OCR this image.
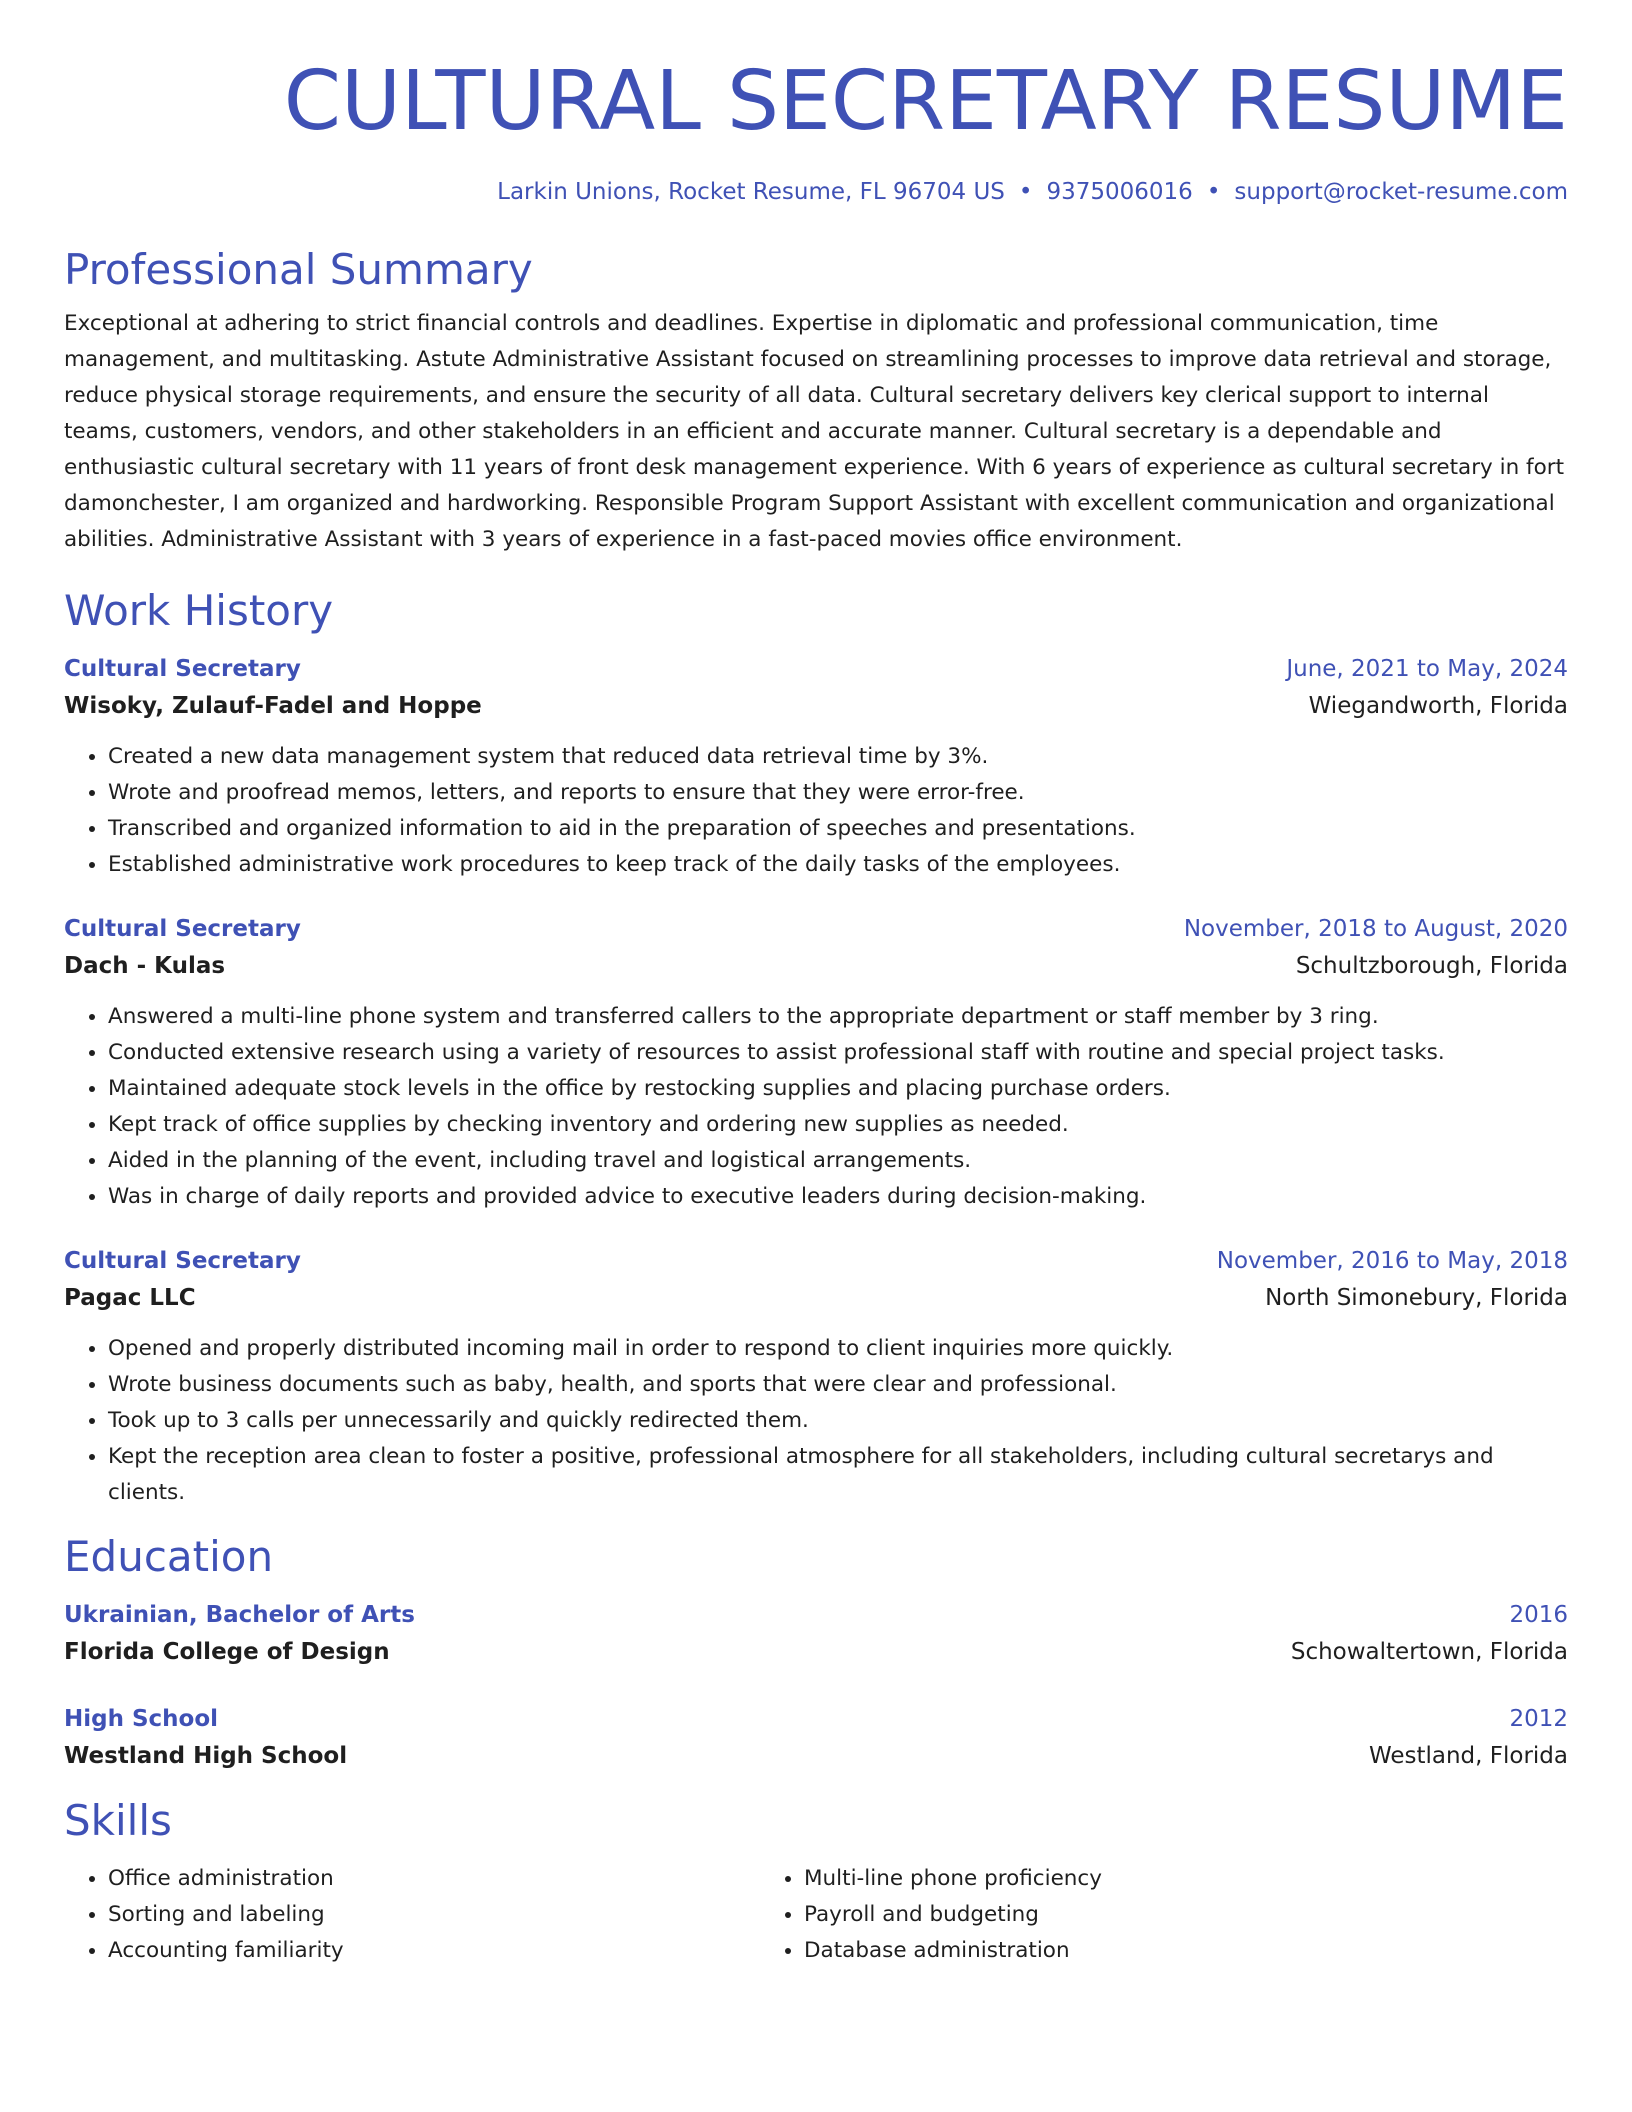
CULTURAL SECRETARY RESUME
Larkin Unions, Rocket Resume, FL 96704 US • 9375006016 • support@rocket-resume.com
Professional Summary

Exceptional at adhering to strict financial controls and deadlines. Expertise in diplomatic and professional communication, time management, and multitasking. Astute Administrative Assistant focused on streamlining processes to improve data retrieval and storage, reduce physical storage requirements, and ensure the security of all data. Cultural secretary delivers key clerical support to internal teams, customers, vendors, and other stakeholders in an efficient and accurate manner. Cultural secretary is a dependable and enthusiastic cultural secretary with 11 years of front desk management experience. With 6 years of experience as cultural secretary in fort damonchester, I am organized and hardworking. Responsible Program Support Assistant with excellent communication and organizational abilities. Administrative Assistant with 3 years of experience in a fast-paced movies office environment.

Work History
Cultural Secretary	June, 2021 to May, 2024
Wisoky, Zulauf-Fadel and Hoppe	Wiegandworth, Florida
• Created a new data management system that reduced data retrieval time by 3%.
• Wrote and proofread memos, letters, and reports to ensure that they were error-free.
• Transcribed and organized information to aid in the preparation of speeches and presentations.
• Established administrative work procedures to keep track of the daily tasks of the employees.
Cultural Secretary	November, 2018 to August, 2020
Dach - Kulas	Schultzborough, Florida
• Answered a multi-line phone system and transferred callers to the appropriate department or staff member by 3 ring.
• Conducted extensive research using a variety of resources to assist professional staff with routine and special project tasks.
• Maintained adequate stock levels in the office by restocking supplies and placing purchase orders.
• Kept track of office supplies by checking inventory and ordering new supplies as needed.
• Aided in the planning of the event, including travel and logistical arrangements.
• Was in charge of daily reports and provided advice to executive leaders during decision-making.
Cultural Secretary	November, 2016 to May, 2018
Pagac LLC	North Simonebury, Florida
• Opened and properly distributed incoming mail in order to respond to client inquiries more quickly.
• Wrote business documents such as baby, health, and sports that were clear and professional.
• Took up to 3 calls per unnecessarily and quickly redirected them.
• Kept the reception area clean to foster a positive, professional atmosphere for all stakeholders, including cultural secretarys and clients.
Education
Ukrainian, Bachelor of Arts	2016
Florida College of Design	Schowaltertown, Florida
High School	2012
Westland High School	Westland, Florida
Skills
• Office administration
• Sorting and labeling
• Accounting familiarity
• Multi-line phone proficiency
• Payroll and budgeting
• Database administration
